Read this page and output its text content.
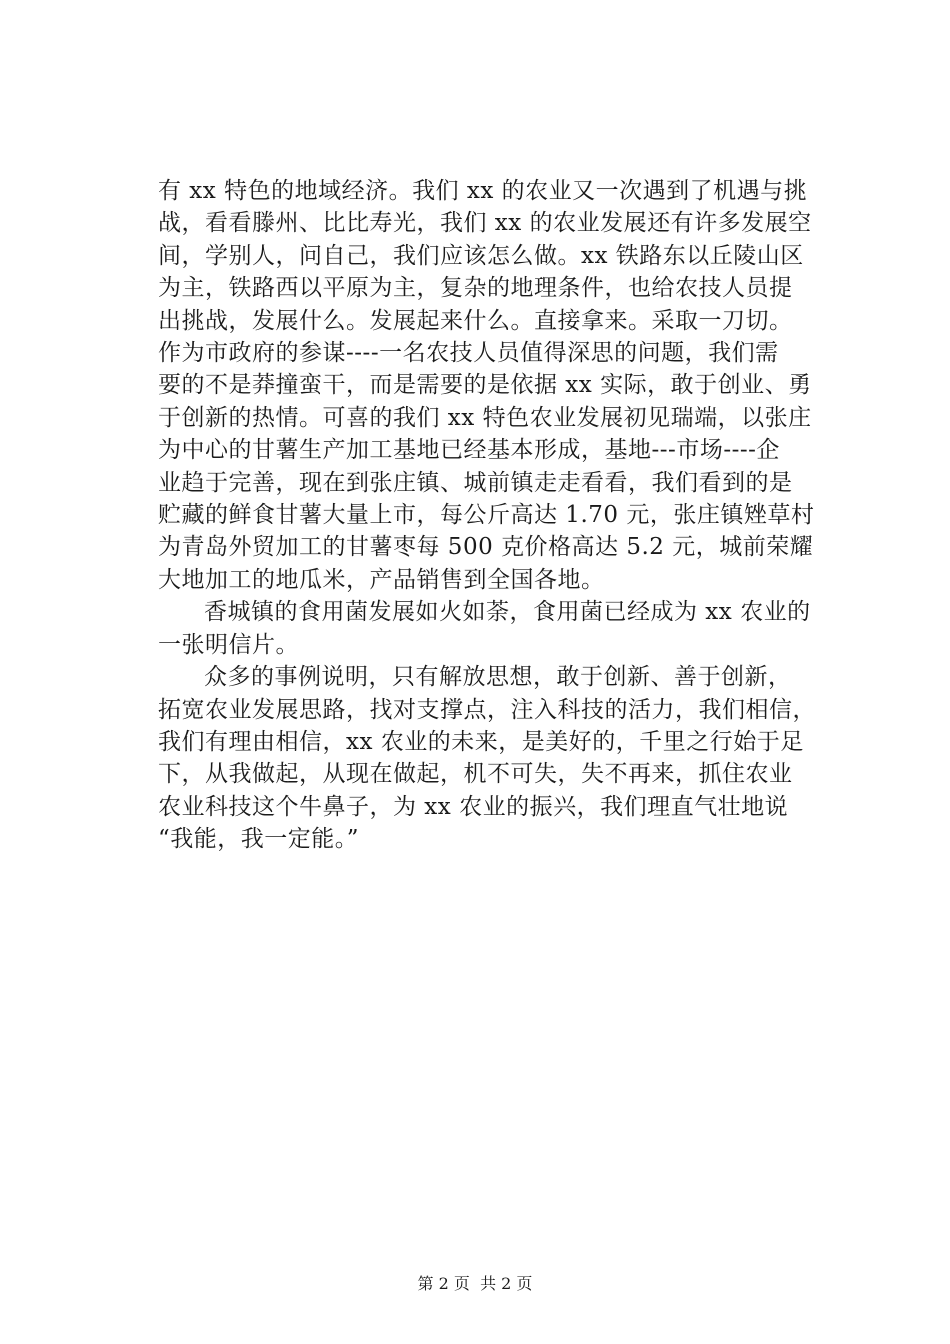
有 xx 特色的地域经济。我们 xx 的农业又一次遇到了机遇与挑
战，看看滕州、比比寿光，我们 xx 的农业发展还有许多发展空
间，学别人，问自己，我们应该怎么做。xx 铁路东以丘陵山区
为主，铁路西以平原为主，复杂的地理条件，也给农技人员提
出挑战，发展什么。发展起来什么。直接拿来。采取一刀切。
作为市政府的参谋----一名农技人员值得深思的问题，我们需
要的不是莽撞蛮干，而是需要的是依据 xx 实际，敢于创业、勇
于创新的热情。可喜的我们 xx 特色农业发展初见瑞端，以张庄
为中心的甘薯生产加工基地已经基本形成，基地---市场----企
业趋于完善，现在到张庄镇、城前镇走走看看，我们看到的是
贮藏的鲜食甘薯大量上市，每公斤高达 1.70 元，张庄镇矬草村
为青岛外贸加工的甘薯枣每 500 克价格高达 5.2 元，城前荣耀
大地加工的地瓜米，产品销售到全国各地。

香城镇的食用菌发展如火如荼，食用菌已经成为 xx 农业的
一张明信片。

众多的事例说明，只有解放思想，敢于创新、善于创新，
拓宽农业发展思路，找对支撑点，注入科技的活力，我们相信，
我们有理由相信，xx 农业的未来，是美好的，千里之行始于足
下，从我做起，从现在做起，机不可失，失不再来，抓住农业
农业科技这个牛鼻子，为 xx 农业的振兴，我们理直气壮地说
“我能，我一定能。”

第 2 页  共 2 页
